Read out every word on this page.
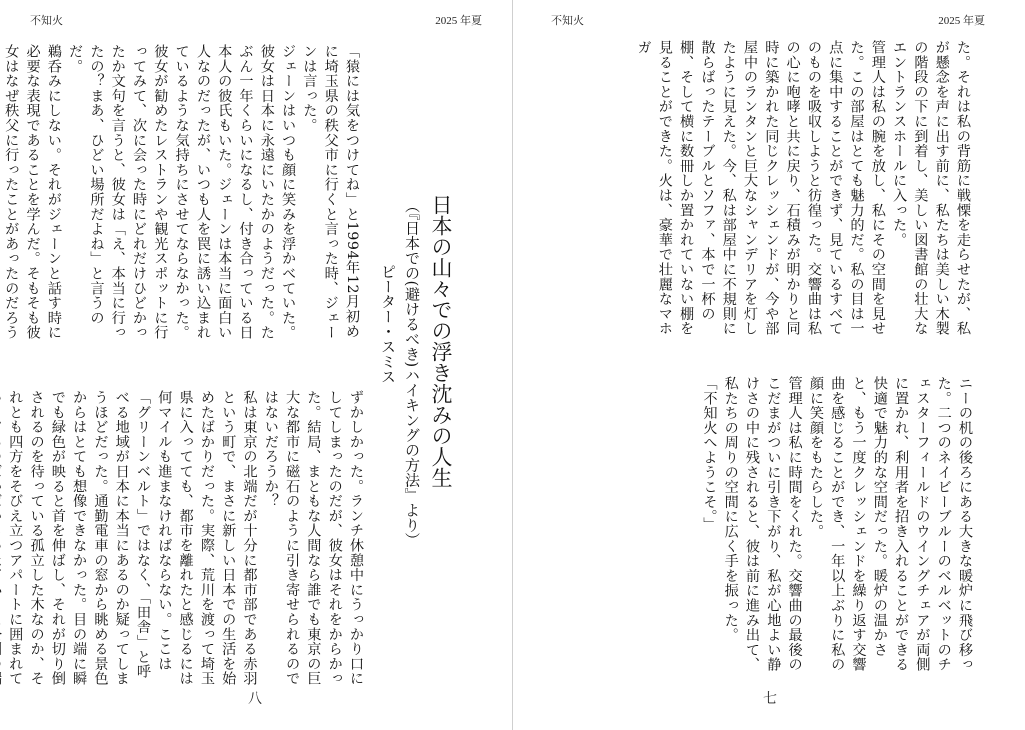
不知火	2025 年夏
日本の山々での浮き沈みの人生
（『日本での(避けるべき)ハイキングの方法』より）
ピーター・スミス
「猿には気をつけてね」と1994年12月初めに埼玉県の秩父市に行くと言った時、ジェーンは言った。
ジェーンはいつも顔に笑みを浮かべていた。彼女は日本に永遠にいたかのようだった。たぶん一年くらいになるし、付き合っている日本人の彼氏もいた。ジェーンは本当に面白い人なのだったが、いつも人を罠に誘い込まれているような気持ちにさせてならなかった。彼女が勧めたレストランや観光スポットに行ってみて、次に会った時にどれだけひどかったか文句を言うと、彼女は「え、本当に行ったの？まあ、ひどい場所だよね」と言うのだ。
鵜呑みにしない。それがジェーンと話す時に必要な表現であることを学んだ。そもそも彼女はなぜ秩父に行ったことがあったのだろう
ずかしかった。ランチ休憩中にうっかり口にしてしまったのだが、彼女はそれをからかった。結局、まともな人間なら誰でも東京の巨大な都市に磁石のように引き寄せられるのではないだろうか？
私は東京の北端だが十分に都市部である赤羽という町で、まさに新しい日本での生活を始めたばかりだった。実際、荒川を渡って埼玉県に入ってても、都市を離れたと感じるには何マイルも進まなければならない。ここは「グリーンベルト」ではなく、「田舎」と呼べる地域が日本に本当にあるのか疑ってしまうほどだった。通勤電車の窓から眺める景色からはとても想像できなかった。目の端に瞬でも緑色が映ると首を伸ばし、それが切り倒されるのを待っている孤立した木なのか、それとも四方をそびえ立つアパートに囲まれて
八
不知火	2025 年夏
た。それは私の背筋に戦慄を走らせたが、私が懸念を声に出す前に、私たちは美しい木製の階段の下に到着し、美しい図書館の壮大なエントランスホールに入った。
管理人は私の腕を放し、私にその空間を見せた。この部屋はとても魅力的だ。私の目は一点に集中することができず、見ているすべてのものを吸収しようと彷徨った。交響曲は私の心に咆哮と共に戻り、石積みが明かりと同時に築かれた同じクレッシェンドが、今や部屋中のランタンと巨大なシャンデリアを灯したように見えた。今、私は部屋中に不規則に散らばったテーブルとソファ、本で一杯の棚、そして横に数冊しか置かれていない棚を見ることができた。火は、豪華で壮麗なマホガ
ニーの机の後ろにある大きな暖炉に飛び移った。二つのネイビーブルーのベルベットのチェスターフィールドのウイングチェアが両側に置かれ、利用者を招き入れることができる快適で魅力的な空間だった。暖炉の温かさと、もう一度クレッシェンドを繰り返す交響曲を感じることができ、一年以上ぶりに私の顔に笑顔をもたらした。
管理人は私に時間をくれた。交響曲の最後のこだまがついに引き下がり、私が心地よい静けさの中に残されると、彼は前に進み出て、私たちの周りの空間に広く手を振った。
「不知火へようこそ。」
七
